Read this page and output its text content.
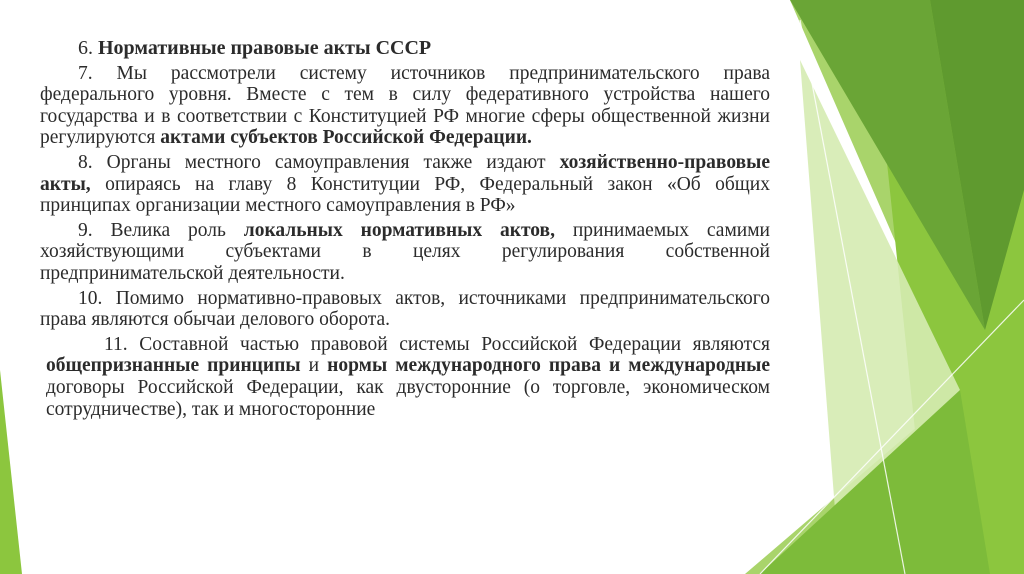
6. Нормативные правовые акты СССР

7. Мы рассмотрели систему источников предпринимательского права федерального уровня. Вместе с тем в силу федеративного устройства нашего государства и в соответствии с Конституцией РФ многие сферы общественной жизни регулируются актами субъектов Российской Федерации.

8. Органы местного самоуправления также издают хозяйственно-правовые акты, опираясь на главу 8 Конституции РФ, Федеральный закон «Об общих принципах организации местного самоуправления в РФ»

9. Велика роль локальных нормативных актов, принимаемых самими хозяйствующими субъектами в целях регулирования собственной предпринимательской деятельности.

10. Помимо нормативно-правовых актов, источниками предпринимательского права являются обычаи делового оборота.

11. Составной частью правовой системы Российской Федерации являются общепризнанные принципы и нормы международного права и международные договоры Российской Федерации, как двусторонние (о торговле, экономическом сотрудничестве), так и многосторонние
